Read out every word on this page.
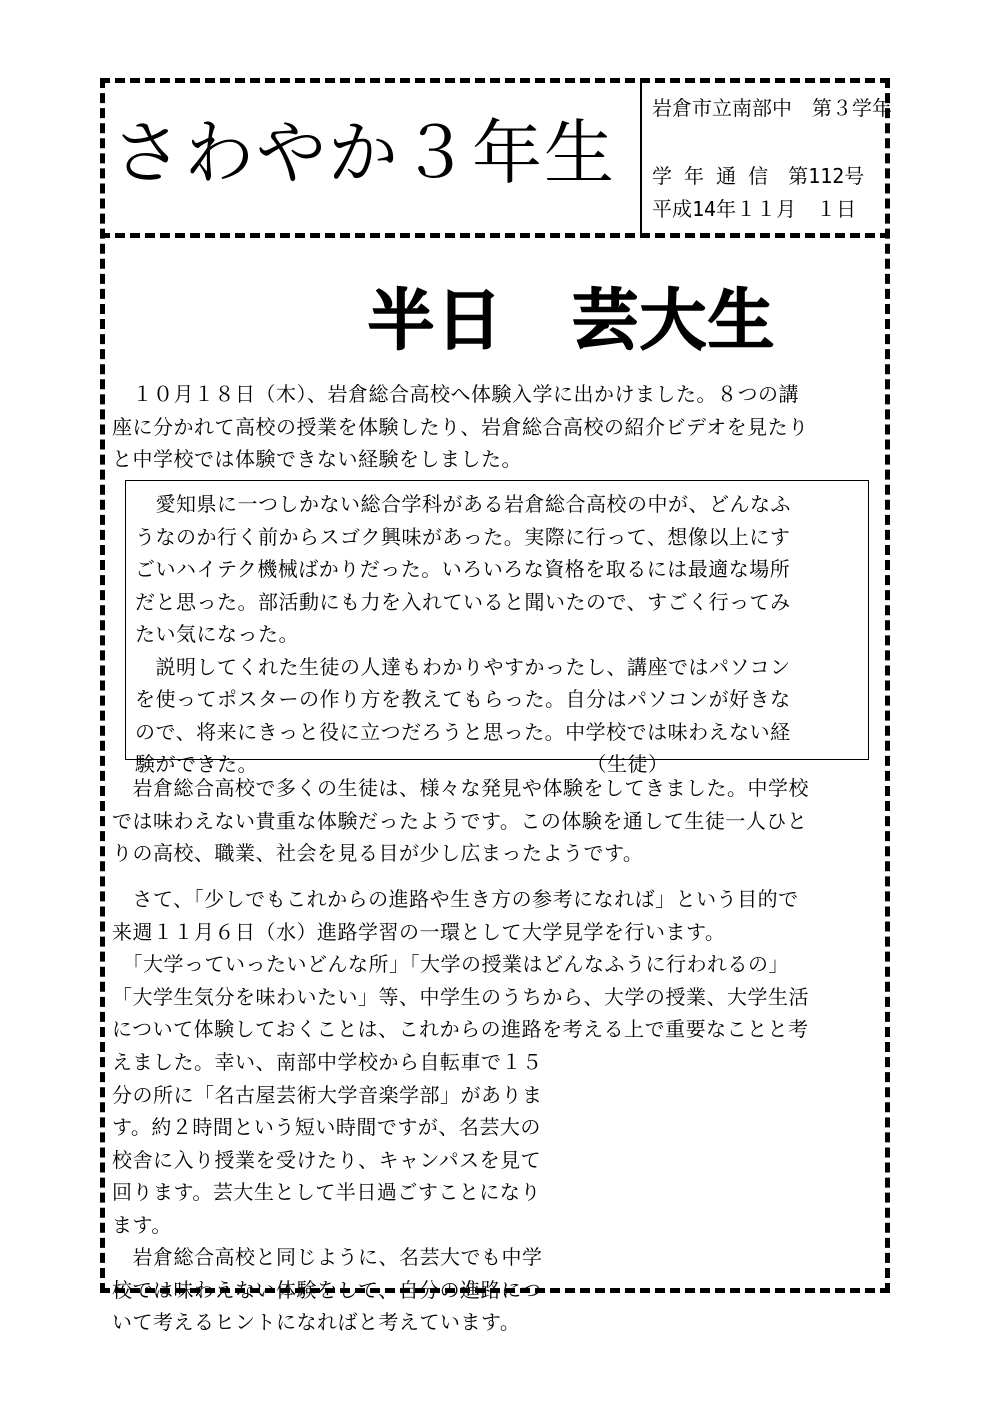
さわやか３年生
岩倉市立南部中　第３学年
学 年 通 信　第112号
平成14年１１月　１日
半日　芸大生
　１０月１８日（木）、岩倉総合高校へ体験入学に出かけました。８つの講
座に分かれて高校の授業を体験したり、岩倉総合高校の紹介ビデオを見たり
と中学校では体験できない経験をしました。
　愛知県に一つしかない総合学科がある岩倉総合高校の中が、どんなふ
うなのか行く前からスゴク興味があった。実際に行って、想像以上にす
ごいハイテク機械ばかりだった。いろいろな資格を取るには最適な場所
だと思った。部活動にも力を入れていると聞いたので、すごく行ってみ
たい気になった。
　説明してくれた生徒の人達もわかりやすかったし、講座ではパソコン
を使ってポスターの作り方を教えてもらった。自分はパソコンが好きな
ので、将来にきっと役に立つだろうと思った。中学校では味わえない経
験ができた。　　　　　　　　　　　　　　　　　（生徒）
　岩倉総合高校で多くの生徒は、様々な発見や体験をしてきました。中学校
では味わえない貴重な体験だったようです。この体験を通して生徒一人ひと
りの高校、職業、社会を見る目が少し広まったようです。
　さて、「少しでもこれからの進路や生き方の参考になれば」という目的で
来週１１月６日（水）進路学習の一環として大学見学を行います。
　「大学っていったいどんな所」「大学の授業はどんなふうに行われるの」
「大学生気分を味わいたい」等、中学生のうちから、大学の授業、大学生活
について体験しておくことは、これからの進路を考える上で重要なことと考
えました。幸い、南部中学校から自転車で１５
分の所に「名古屋芸術大学音楽学部」がありま
す。約２時間という短い時間ですが、名芸大の
校舎に入り授業を受けたり、キャンパスを見て
回ります。芸大生として半日過ごすことになり
ます。
　岩倉総合高校と同じように、名芸大でも中学
校では味わえない体験をして、自分の進路につ
いて考えるヒントになればと考えています。
